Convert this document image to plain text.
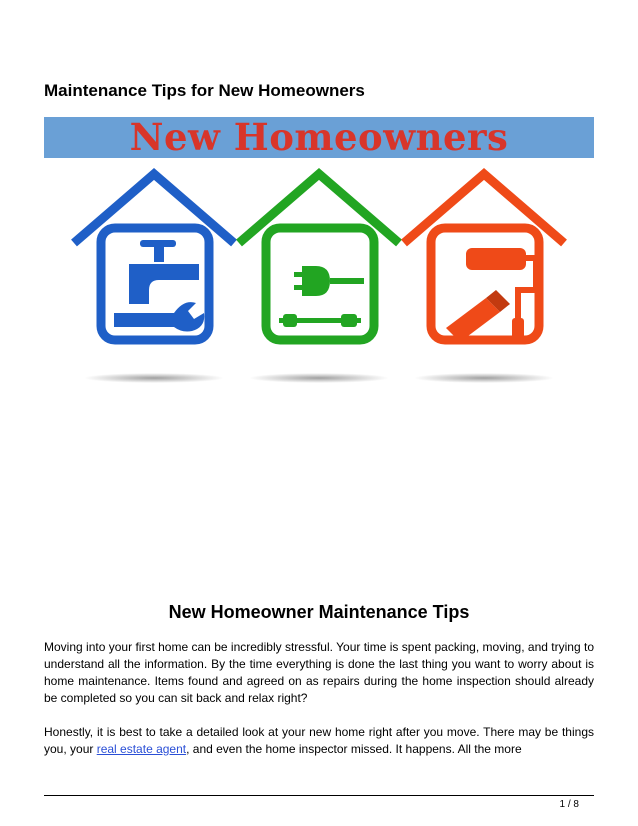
Maintenance Tips for New Homeowners
New Homeowners
New Homeowner Maintenance Tips

Moving into your first home can be incredibly stressful. Your time is spent packing, moving, and trying to understand all the information. By the time everything is done the last thing you want to worry about is home maintenance. Items found and agreed on as repairs during the home inspection should already be completed so you can sit back and relax right?

Honestly, it is best to take a detailed look at your new home right after you move. There may be things you, your real estate agent, and even the home inspector missed. It happens. All the more

1 / 8
